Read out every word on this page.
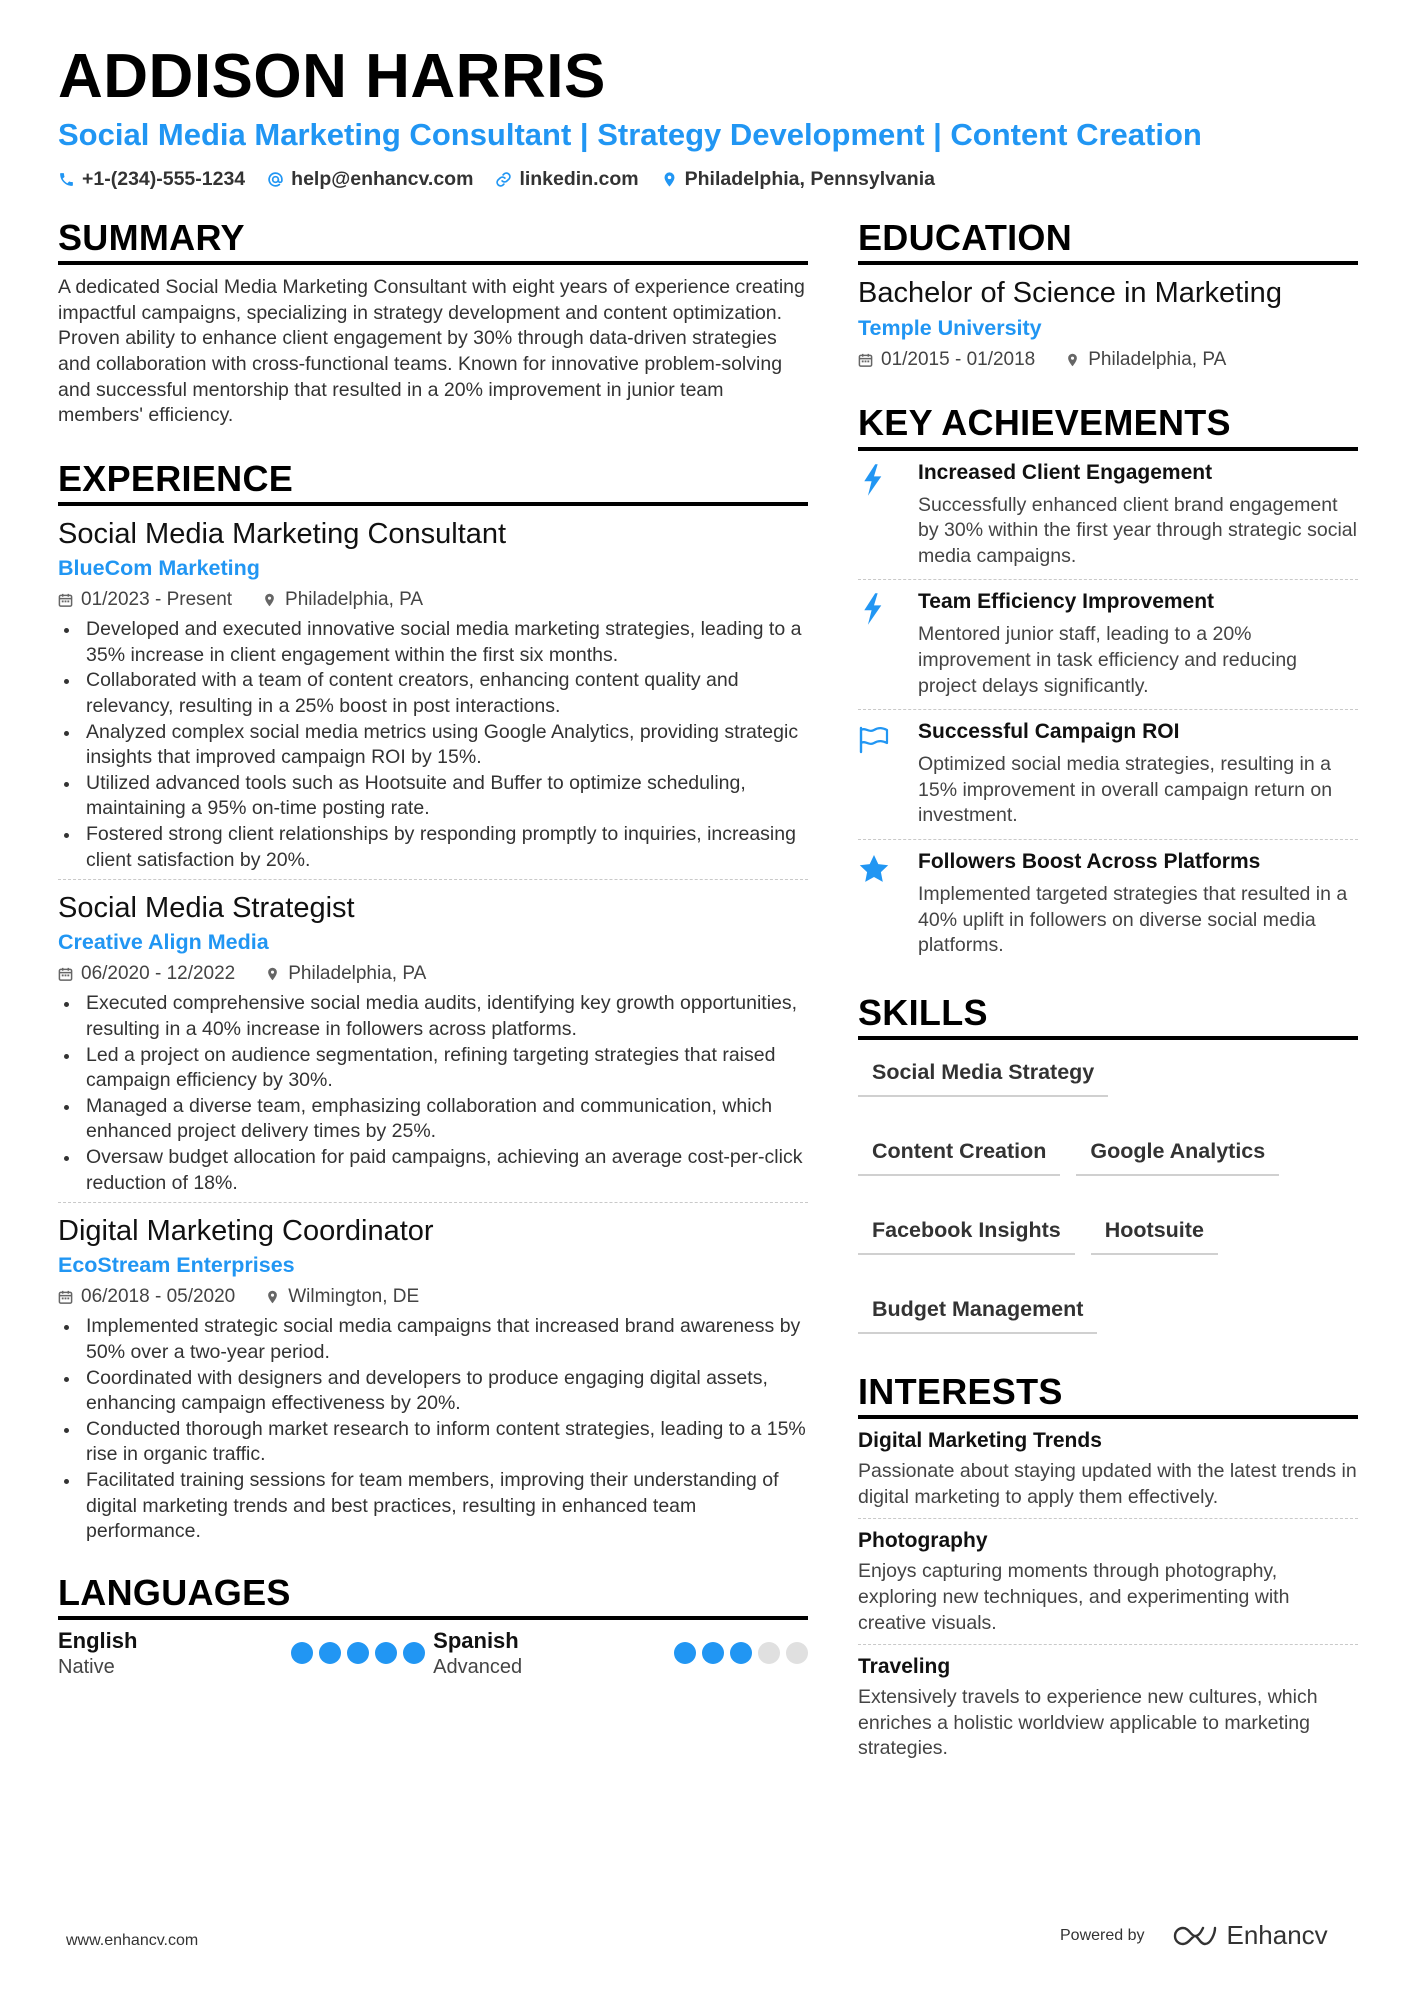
ADDISON HARRIS
Social Media Marketing Consultant | Strategy Development | Content Creation
+1-(234)-555-1234 help@enhancv.com linkedin.com Philadelphia, Pennsylvania
SUMMARY

A dedicated Social Media Marketing Consultant with eight years of experience creating impactful campaigns, specializing in strategy development and content optimization. Proven ability to enhance client engagement by 30% through data-driven strategies and collaboration with cross-functional teams. Known for innovative problem-solving and successful mentorship that resulted in a 20% improvement in junior team members' efficiency.

EXPERIENCE
Social Media Marketing Consultant
BlueCom Marketing
01/2023 - Present	Philadelphia, PA
Developed and executed innovative social media marketing strategies, leading to a 35% increase in client engagement within the first six months.
Collaborated with a team of content creators, enhancing content quality and relevancy, resulting in a 25% boost in post interactions.
Analyzed complex social media metrics using Google Analytics, providing strategic insights that improved campaign ROI by 15%.
Utilized advanced tools such as Hootsuite and Buffer to optimize scheduling, maintaining a 95% on-time posting rate.
Fostered strong client relationships by responding promptly to inquiries, increasing client satisfaction by 20%.
Social Media Strategist
Creative Align Media
06/2020 - 12/2022	Philadelphia, PA
Executed comprehensive social media audits, identifying key growth opportunities, resulting in a 40% increase in followers across platforms.
Led a project on audience segmentation, refining targeting strategies that raised campaign efficiency by 30%.
Managed a diverse team, emphasizing collaboration and communication, which enhanced project delivery times by 25%.
Oversaw budget allocation for paid campaigns, achieving an average cost-per-click reduction of 18%.
Digital Marketing Coordinator
EcoStream Enterprises
06/2018 - 05/2020	Wilmington, DE
Implemented strategic social media campaigns that increased brand awareness by 50% over a two-year period.
Coordinated with designers and developers to produce engaging digital assets, enhancing campaign effectiveness by 20%.
Conducted thorough market research to inform content strategies, leading to a 15% rise in organic traffic.
Facilitated training sessions for team members, improving their understanding of digital marketing trends and best practices, resulting in enhanced team performance.
LANGUAGES
English
Native
Spanish
Advanced
EDUCATION
Bachelor of Science in Marketing
Temple University
01/2015 - 01/2018	Philadelphia, PA
KEY ACHIEVEMENTS
Increased Client Engagement
Successfully enhanced client brand engagement by 30% within the first year through strategic social media campaigns.
Team Efficiency Improvement
Mentored junior staff, leading to a 20% improvement in task efficiency and reducing project delays significantly.
Successful Campaign ROI
Optimized social media strategies, resulting in a 15% improvement in overall campaign return on investment.
Followers Boost Across Platforms
Implemented targeted strategies that resulted in a 40% uplift in followers on diverse social media platforms.
SKILLS
Social Media Strategy
Content Creation	Google Analytics
Facebook Insights	Hootsuite
Budget Management
INTERESTS
Digital Marketing Trends
Passionate about staying updated with the latest trends in digital marketing to apply them effectively.
Photography
Enjoys capturing moments through photography, exploring new techniques, and experimenting with creative visuals.
Traveling
Extensively travels to experience new cultures, which enriches a holistic worldview applicable to marketing strategies.
www.enhancv.com	Powered by	Enhancv
